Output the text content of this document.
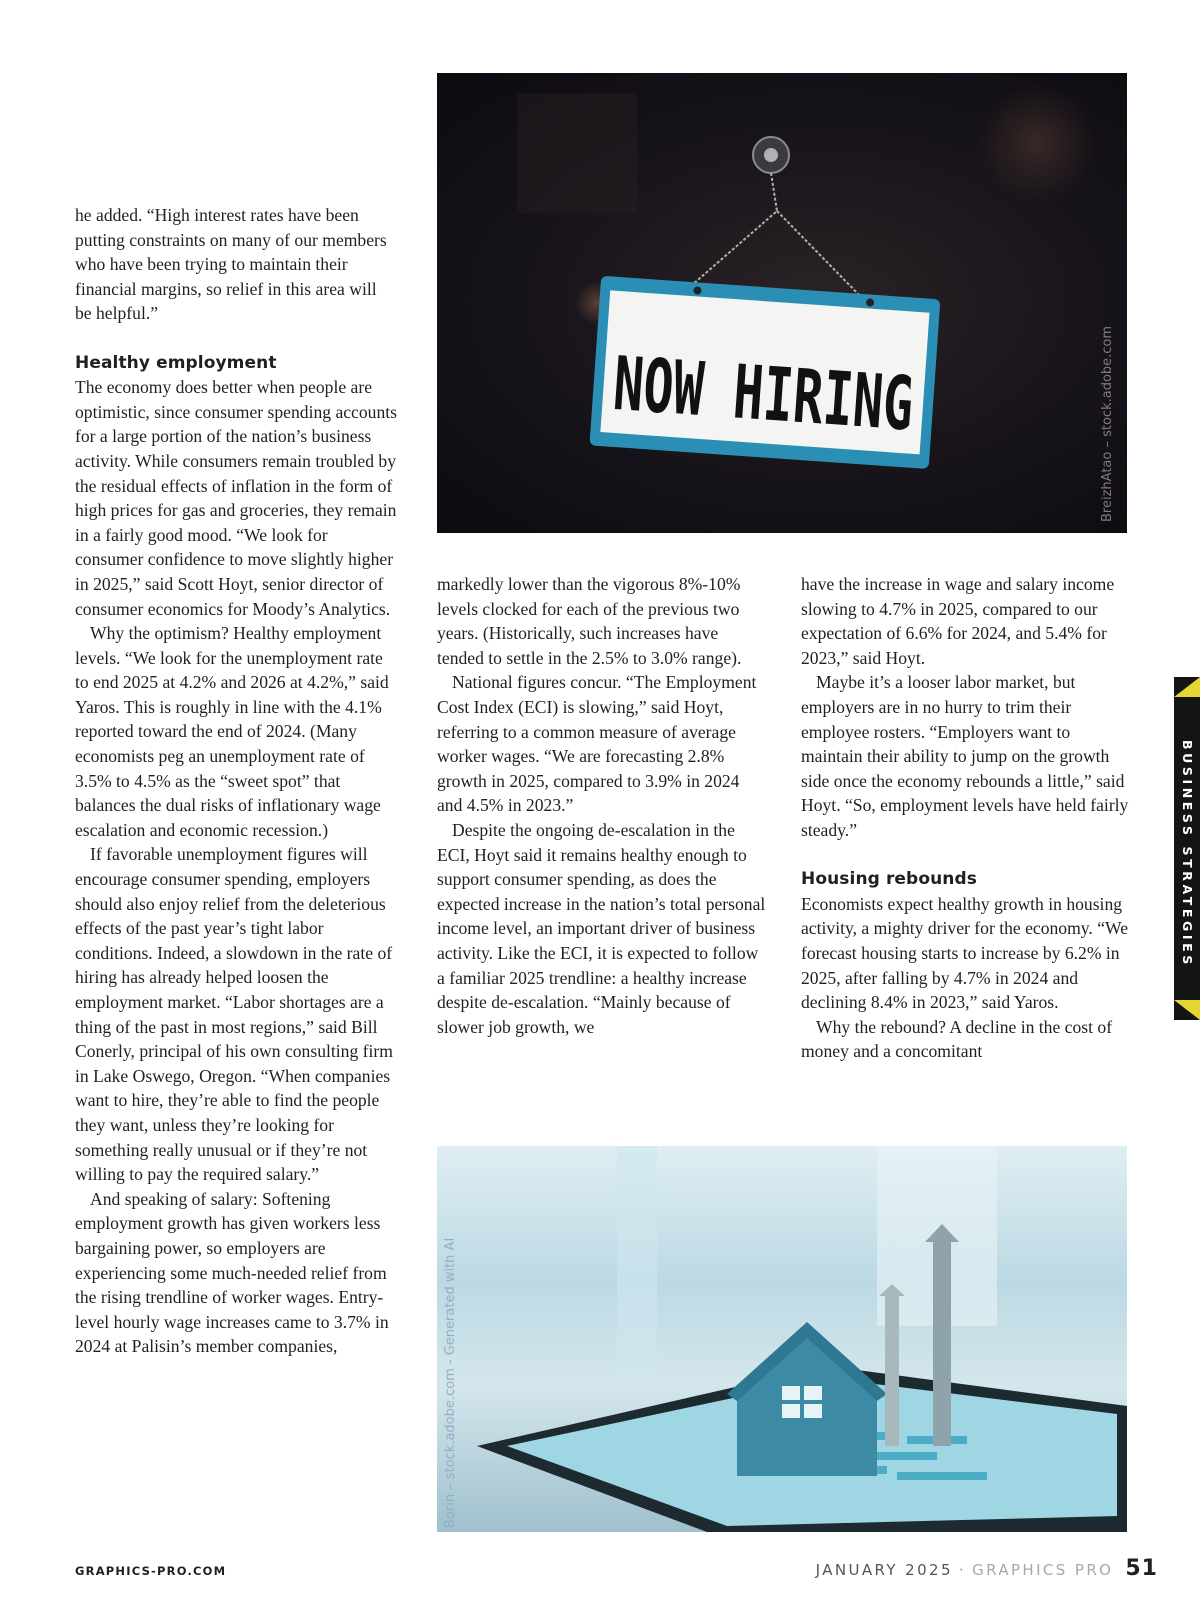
he added. “High interest rates have been putting constraints on many of our members who have been trying to maintain their financial margins, so relief in this area will be helpful.”

Healthy employment

The economy does better when people are optimistic, since consumer spending accounts for a large portion of the nation’s business activity. While consumers remain troubled by the residual effects of inflation in the form of high prices for gas and groceries, they remain in a fairly good mood. “We look for consumer confidence to move slightly higher in 2025,” said Scott Hoyt, senior director of consumer economics for Moody’s Analytics.

Why the optimism? Healthy employment levels. “We look for the unemployment rate to end 2025 at 4.2% and 2026 at 4.2%,” said Yaros. This is roughly in line with the 4.1% reported toward the end of 2024. (Many economists peg an unemployment rate of 3.5% to 4.5% as the “sweet spot” that balances the dual risks of inflationary wage escalation and economic recession.)

If favorable unemployment figures will encourage consumer spending, employers should also enjoy relief from the deleterious effects of the past year’s tight labor conditions. Indeed, a slowdown in the rate of hiring has already helped loosen the employment market. “Labor shortages are a thing of the past in most regions,” said Bill Conerly, principal of his own consulting firm in Lake Oswego, Oregon. “When companies want to hire, they’re able to find the people they want, unless they’re looking for something really unusual or if they’re not willing to pay the required salary.”

And speaking of salary: Softening employment growth has given workers less bargaining power, so employers are experiencing some much-needed relief from the rising trendline of worker wages. Entry-level hourly wage increases came to 3.7% in 2024 at Palisin’s member companies,

markedly lower than the vigorous 8%-10% levels clocked for each of the previous two years. (Historically, such increases have tended to settle in the 2.5% to 3.0% range).

National figures concur. “The Employment Cost Index (ECI) is slowing,” said Hoyt, referring to a common measure of average worker wages. “We are forecasting 2.8% growth in 2025, compared to 3.9% in 2024 and 4.5% in 2023.”

Despite the ongoing de-escalation in the ECI, Hoyt said it remains healthy enough to support consumer spending, as does the expected increase in the nation’s total personal income level, an important driver of business activity. Like the ECI, it is expected to follow a familiar 2025 trendline: a healthy increase despite de-escalation. “Mainly because of slower job growth, we

have the increase in wage and salary income slowing to 4.7% in 2025, compared to our expectation of 6.6% for 2024, and 5.4% for 2023,” said Hoyt.

Maybe it’s a looser labor market, but employers are in no hurry to trim their employee rosters. “Employers want to maintain their ability to jump on the growth side once the economy rebounds a little,” said Hoyt. “So, employment levels have held fairly steady.”

Housing rebounds

Economists expect healthy growth in housing activity, a mighty driver for the economy. “We forecast housing starts to increase by 6.2% in 2025, after falling by 4.7% in 2024 and declining 8.4% in 2023,” said Yaros.

Why the rebound? A decline in the cost of money and a concomitant

NOW HIRING	BreizhAtao – stock.adobe.com
Borin – stock.adobe.com - Generated with AI
BUSINESS STRATEGIES
GRAPHICS-PRO.COM	JANUARY 2025 · GRAPHICS PRO 51
